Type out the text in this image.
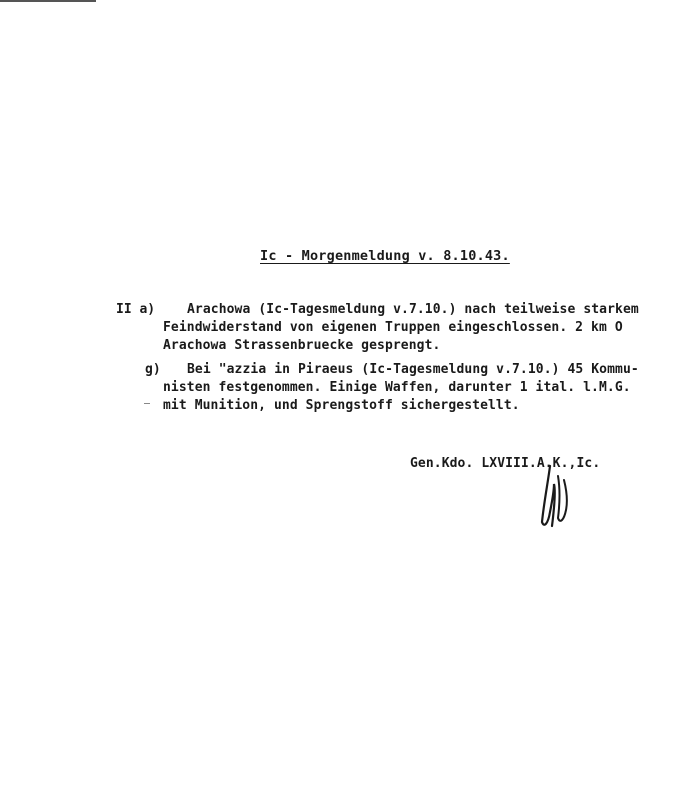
Ic - Morgenmeldung v. 8.10.43.
II a) Arachowa (Ic-Tagesmeldung v.7.10.) nach teilweise starkem
Feindwiderstand von eigenen Truppen eingeschlossen. 2 km O
Arachowa Strassenbruecke gesprengt.
g) Bei "azzia in Piraeus (Ic-Tagesmeldung v.7.10.) 45 Kommu-
nisten festgenommen. Einige Waffen, darunter 1 ital. l.M.G.
mit Munition, und Sprengstoff sichergestellt.
Gen.Kdo. LXVIII.A.K.,Ic.
